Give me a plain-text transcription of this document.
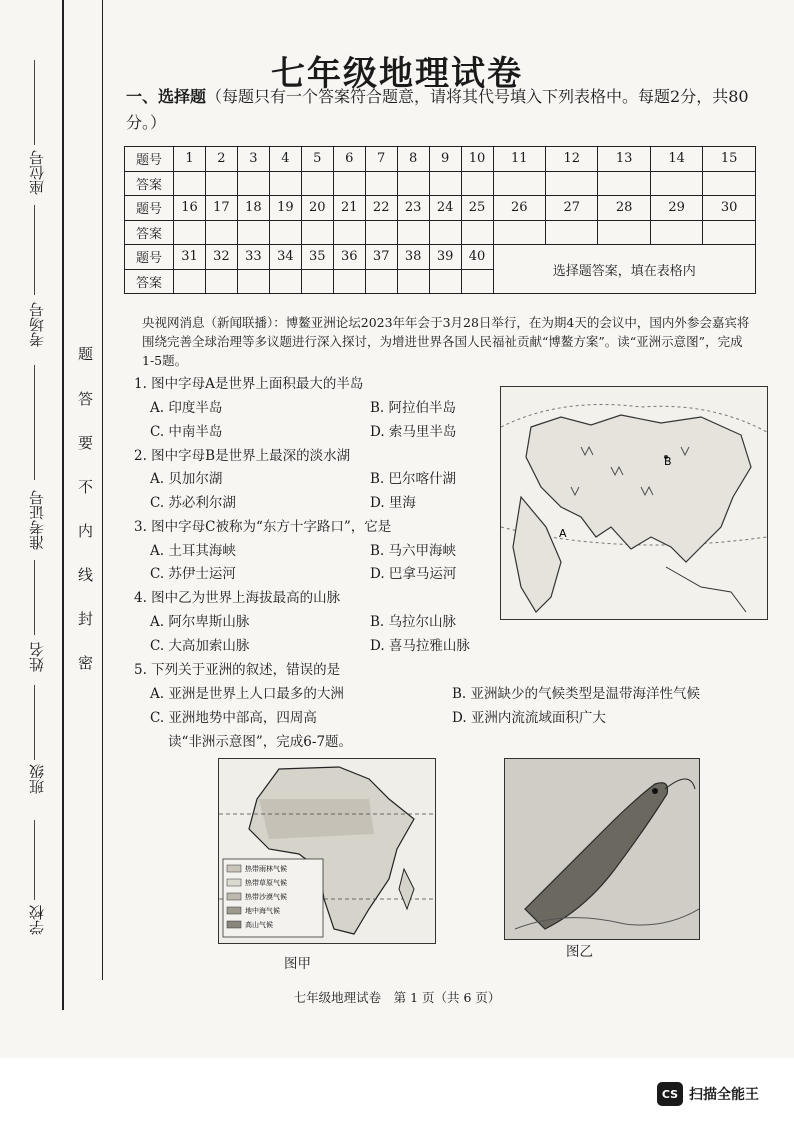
座位号
考场号
准考证号
姓名
班级
学校
题
答
要
不
内
线
封
密
七年级地理试卷
一、选择题（每题只有一个答案符合题意，请将其代号填入下列表格中。每题2分，共80分。）
题号	1	2	3	4	5	6	7	8	9	10	11	12	13	14	15
答案															
题号	16	17	18	19	20	21	22	23	24	25	26	27	28	29	30
答案															
题号	31	32	33	34	35	36	37	38	39	40	选择题答案，填在表格内				
答案															
央视网消息（新闻联播）：博鳌亚洲论坛2023年年会于3月28日举行，在为期4天的会议中，国内外参会嘉宾将围绕完善全球治理等多议题进行深入探讨，为增进世界各国人民福祉贡献“博鳌方案”。读“亚洲示意图”，完成1-5题。
1. 图中字母A是世界上面积最大的半岛
A. 印度半岛	B. 阿拉伯半岛
C. 中南半岛	D. 索马里半岛
2. 图中字母B是世界上最深的淡水湖
A. 贝加尔湖	B. 巴尔喀什湖
C. 苏必利尔湖	D. 里海
3. 图中字母C被称为“东方十字路口”，它是
A. 土耳其海峡	B. 马六甲海峡
C. 苏伊士运河	D. 巴拿马运河
4. 图中乙为世界上海拔最高的山脉
A. 阿尔卑斯山脉	B. 乌拉尔山脉
C. 大高加索山脉	D. 喜马拉雅山脉
5. 下列关于亚洲的叙述，错误的是
A. 亚洲是世界上人口最多的大洲	B. 亚洲缺少的气候类型是温带海洋性气候
C. 亚洲地势中部高，四周高	D. 亚洲内流流域面积广大
读“非洲示意图”，完成6-7题。
B
A
热带雨林气候
热带草原气候
热带沙漠气候
地中海气候
高山气候
图甲
图乙
七年级地理试卷　第 1 页（共 6 页）
CS 扫描全能王
